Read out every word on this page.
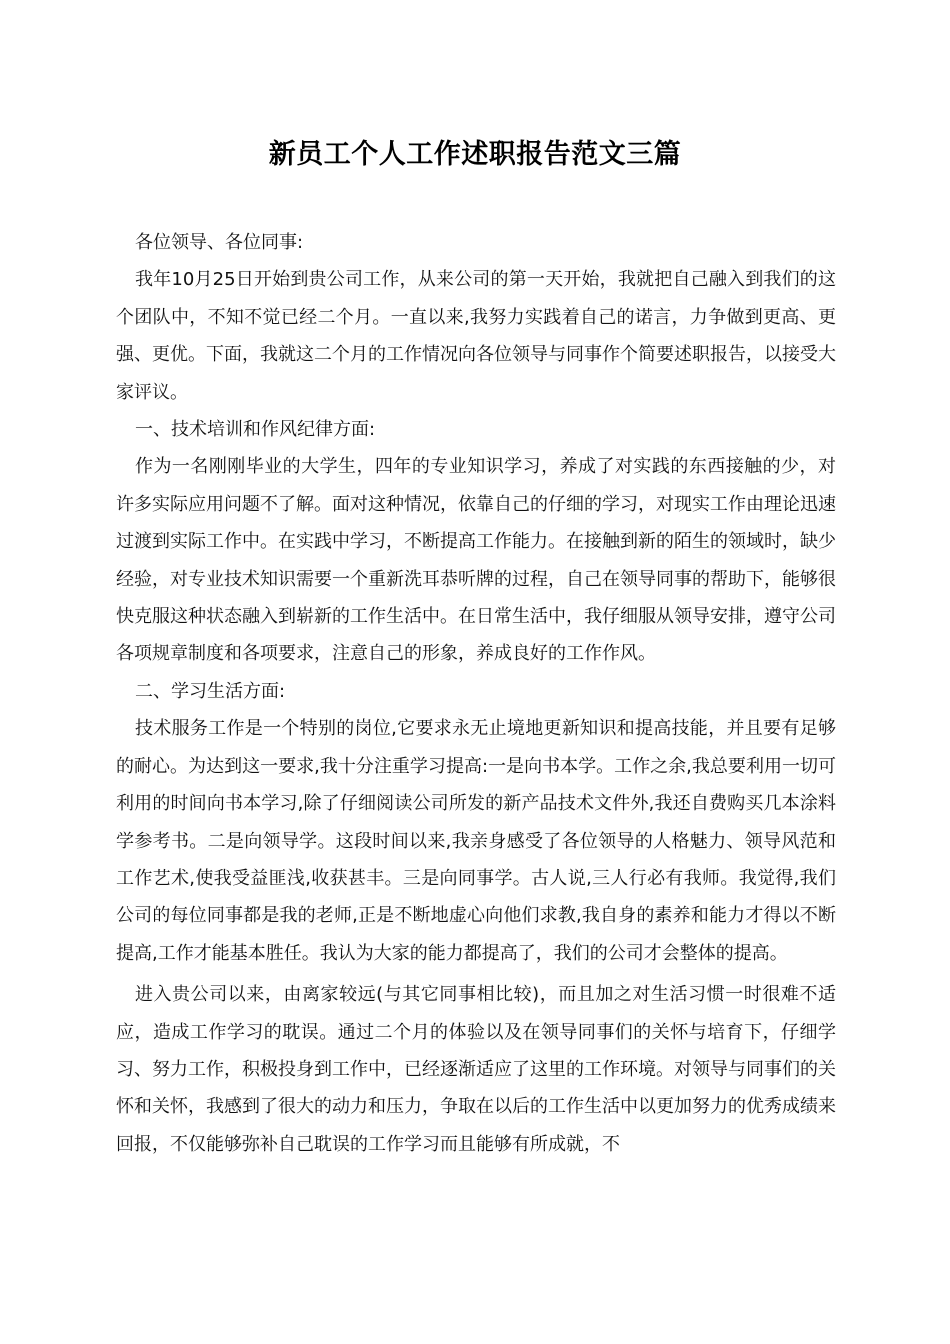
新员工个人工作述职报告范文三篇

各位领导、各位同事:

我年10月25日开始到贵公司工作，从来公司的第一天开始，我就把自己融入到我们的这个团队中，不知不觉已经二个月。一直以来,我努力实践着自己的诺言，力争做到更高、更强、更优。下面，我就这二个月的工作情况向各位领导与同事作个简要述职报告，以接受大家评议。

一、技术培训和作风纪律方面:

作为一名刚刚毕业的大学生，四年的专业知识学习，养成了对实践的东西接触的少，对许多实际应用问题不了解。面对这种情况，依靠自己的仔细的学习，对现实工作由理论迅速过渡到实际工作中。在实践中学习，不断提高工作能力。在接触到新的陌生的领域时，缺少经验，对专业技术知识需要一个重新洗耳恭听牌的过程，自己在领导同事的帮助下，能够很快克服这种状态融入到崭新的工作生活中。在日常生活中，我仔细服从领导安排，遵守公司各项规章制度和各项要求，注意自己的形象，养成良好的工作作风。

二、学习生活方面:

技术服务工作是一个特别的岗位,它要求永无止境地更新知识和提高技能，并且要有足够的耐心。为达到这一要求,我十分注重学习提高:一是向书本学。工作之余,我总要利用一切可利用的时间向书本学习,除了仔细阅读公司所发的新产品技术文件外,我还自费购买几本涂料学参考书。二是向领导学。这段时间以来,我亲身感受了各位领导的人格魅力、领导风范和工作艺术,使我受益匪浅,收获甚丰。三是向同事学。古人说,三人行必有我师。我觉得,我们公司的每位同事都是我的老师,正是不断地虚心向他们求教,我自身的素养和能力才得以不断提高,工作才能基本胜任。我认为大家的能力都提高了，我们的公司才会整体的提高。

进入贵公司以来，由离家较远(与其它同事相比较)，而且加之对生活习惯一时很难不适应，造成工作学习的耽误。通过二个月的体验以及在领导同事们的关怀与培育下，仔细学习、努力工作，积极投身到工作中，已经逐渐适应了这里的工作环境。对领导与同事们的关怀和关怀，我感到了很大的动力和压力，争取在以后的工作生活中以更加努力的优秀成绩来回报，不仅能够弥补自己耽误的工作学习而且能够有所成就，不
